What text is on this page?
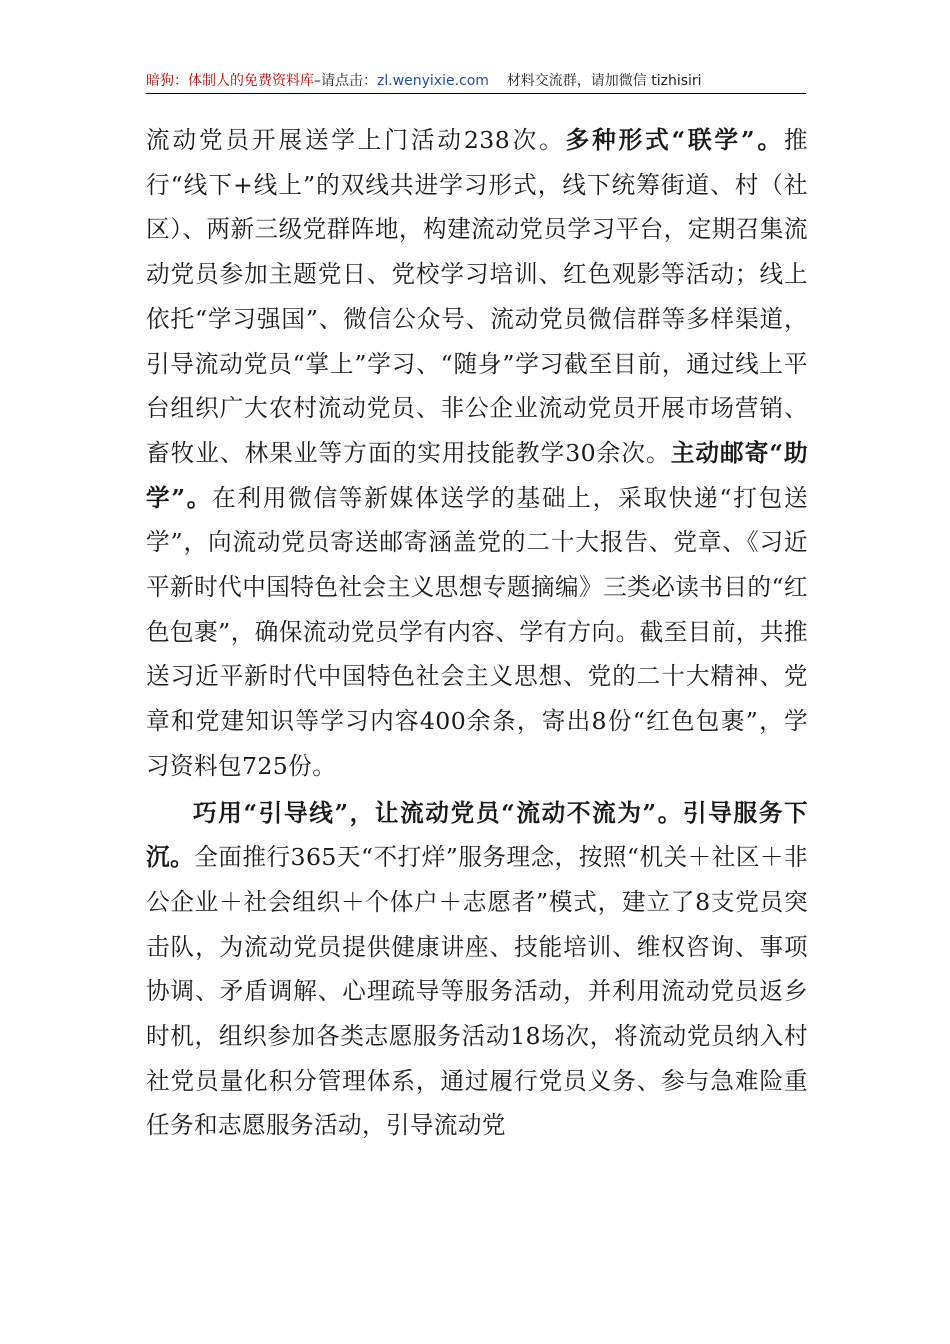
暗狗：体制人的免费资料库–请点击：zl.wenyixie.com 材料交流群，请加微信 tizhisiri

流动党员开展送学上门活动238次。多种形式“联学”。推行“线下+线上”的双线共进学习形式，线下统筹街道、村（社区）、两新三级党群阵地，构建流动党员学习平台，定期召集流动党员参加主题党日、党校学习培训、红色观影等活动；线上依托“学习强国”、微信公众号、流动党员微信群等多样渠道，引导流动党员“掌上”学习、“随身”学习截至目前，通过线上平台组织广大农村流动党员、非公企业流动党员开展市场营销、畜牧业、林果业等方面的实用技能教学30余次。主动邮寄“助学”。在利用微信等新媒体送学的基础上，采取快递“打包送学”，向流动党员寄送邮寄涵盖党的二十大报告、党章、《习近平新时代中国特色社会主义思想专题摘编》三类必读书目的“红色包裹”，确保流动党员学有内容、学有方向。截至目前，共推送习近平新时代中国特色社会主义思想、党的二十大精神、党章和党建知识等学习内容400余条，寄出8份“红色包裹”，学习资料包725份。

巧用“引导线”，让流动党员“流动不流为”。引导服务下沉。全面推行365天“不打烊”服务理念，按照“机关＋社区＋非公企业＋社会组织＋个体户＋志愿者”模式，建立了8支党员突击队，为流动党员提供健康讲座、技能培训、维权咨询、事项协调、矛盾调解、心理疏导等服务活动，并利用流动党员返乡时机，组织参加各类志愿服务活动18场次，将流动党员纳入村社党员量化积分管理体系，通过履行党员义务、参与急难险重任务和志愿服务活动，引导流动党
